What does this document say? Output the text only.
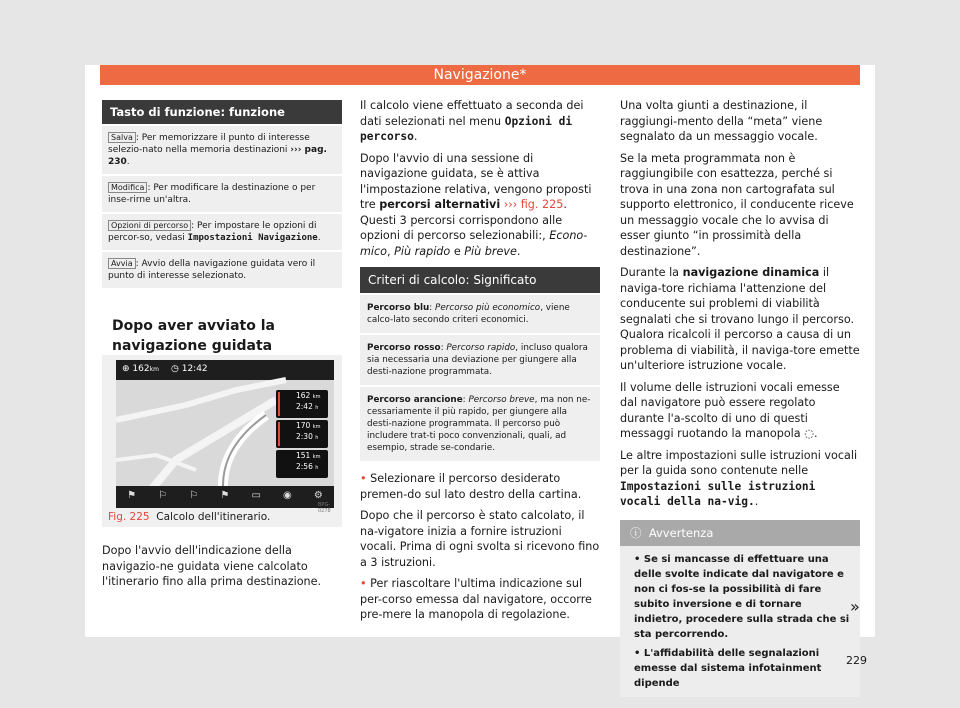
Navigazione*
Tasto di funzione: funzione
Salva : Per memorizzare il punto di interesse selezio-nato nella memoria destinazioni ››› pag. 230.
Modifica : Per modificare la destinazione o per inse-rirne un'altra.
Opzioni di percorso : Per impostare le opzioni di percor-so, vedasi Impostazioni Navigazione.
Avvia : Avvio della navigazione guidata vero il punto di interesse selezionato.
Dopo aver avviato la navigazione guidata
⊕ 162km ◷ 12:42
162 km
2:42 h
170 km
2:30 h
151 km
2:56 h
⚑ ⚐ ⚐ ⚑ ▭ ◉ ⚙
BPG-0278
Fig. 225 Calcolo dell'itinerario.

Dopo l'avvio dell'indicazione della navigazio-ne guidata viene calcolato l'itinerario fino alla prima destinazione.

Il calcolo viene effettuato a seconda dei dati selezionati nel menu Opzioni di percorso.

Dopo l'avvio di una sessione di navigazione guidata, se è attiva l'impostazione relativa, vengono proposti tre percorsi alternativi ››› fig. 225. Questi 3 percorsi corrispondono alle opzioni di percorso selezionabili:, Econo-mico, Più rapido e Più breve.

Criteri di calcolo: Significato
Percorso blu: Percorso più economico, viene calco-lato secondo criteri economici.
Percorso rosso: Percorso rapido, incluso qualora sia necessaria una deviazione per giungere alla desti-nazione programmata.
Percorso arancione: Percorso breve, ma non ne-cessariamente il più rapido, per giungere alla desti-nazione programmata. Il percorso può includere trat-ti poco convenzionali, quali, ad esempio, strade se-condarie.

• Selezionare il percorso desiderato premen-do sul lato destro della cartina.

Dopo che il percorso è stato calcolato, il na-vigatore inizia a fornire istruzioni vocali. Prima di ogni svolta si ricevono fino a 3 istruzioni.

• Per riascoltare l'ultima indicazione sul per-corso emessa dal navigatore, occorre pre-mere la manopola di regolazione.

Una volta giunti a destinazione, il raggiungi-mento della “meta” viene segnalato da un messaggio vocale.

Se la meta programmata non è raggiungibile con esattezza, perché si trova in una zona non cartografata sul supporto elettronico, il conducente riceve un messaggio vocale che lo avvisa di esser giunto “in prossimità della destinazione”.

Durante la navigazione dinamica il naviga-tore richiama l'attenzione del conducente sui problemi di viabilità segnalati che si trovano lungo il percorso. Qualora ricalcoli il percorso a causa di un problema di viabilità, il naviga-tore emette un'ulteriore istruzione vocale.

Il volume delle istruzioni vocali emesse dal navigatore può essere regolato durante l'a-scolto di uno di questi messaggi ruotando la manopola ◌.

Le altre impostazioni sulle istruzioni vocali per la guida sono contenute nelle Impostazioni sulle istruzioni vocali della na-vig..

ⓘ Avvertenza
• Se si mancasse di effettuare una delle svolte indicate dal navigatore e non ci fos-se la possibilità di fare subito inversione e di tornare indietro, procedere sulla strada che si sta percorrendo.
• L'affidabilità delle segnalazioni emesse dal sistema infotainment dipende
»
229
